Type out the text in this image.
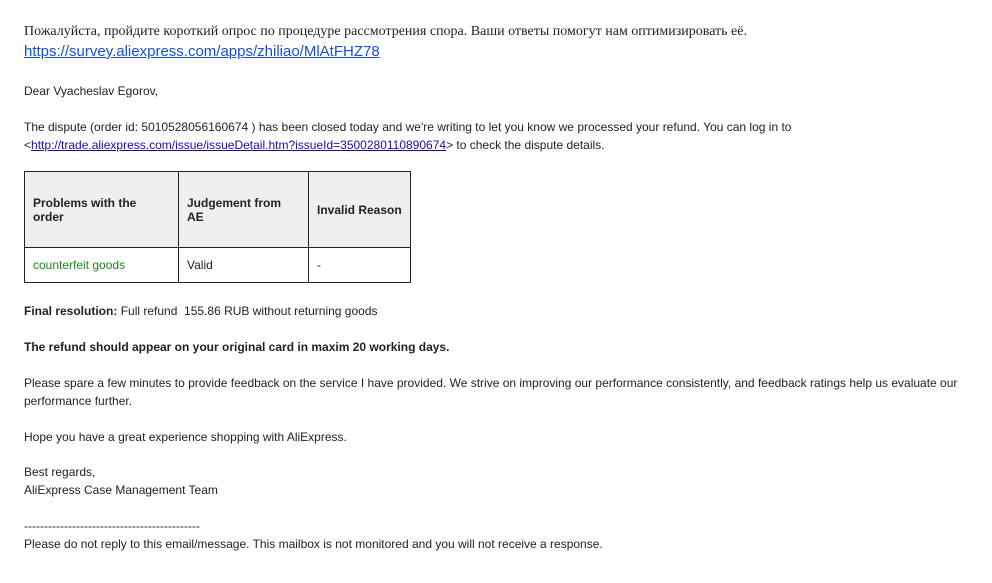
Пожалуйста, пройдите короткий опрос по процедуре рассмотрения спора. Ваши ответы помогут нам оптимизировать её. https://survey.aliexpress.com/apps/zhiliao/MlAtFHZ78
Dear Vyacheslav Egorov,
The dispute (order id: 5010528056160674 ) has been closed today and we're writing to let you know we processed your refund. You can log in to
<http://trade.aliexpress.com/issue/issueDetail.htm?issueId=3500280110890674> to check the dispute details.
Problems with the order	Judgement from AE	Invalid Reason
counterfeit goods	Valid	-
Final resolution: Full refund  155.86 RUB without returning goods
The refund should appear on your original card in maxim 20 working days.
Please spare a few minutes to provide feedback on the service I have provided. We strive on improving our performance consistently, and feedback ratings help us evaluate our performance further.
Hope you have a great experience shopping with AliExpress.
Best regards,
AliExpress Case Management Team
--------------------------------------------
Please do not reply to this email/message. This mailbox is not monitored and you will not receive a response.
